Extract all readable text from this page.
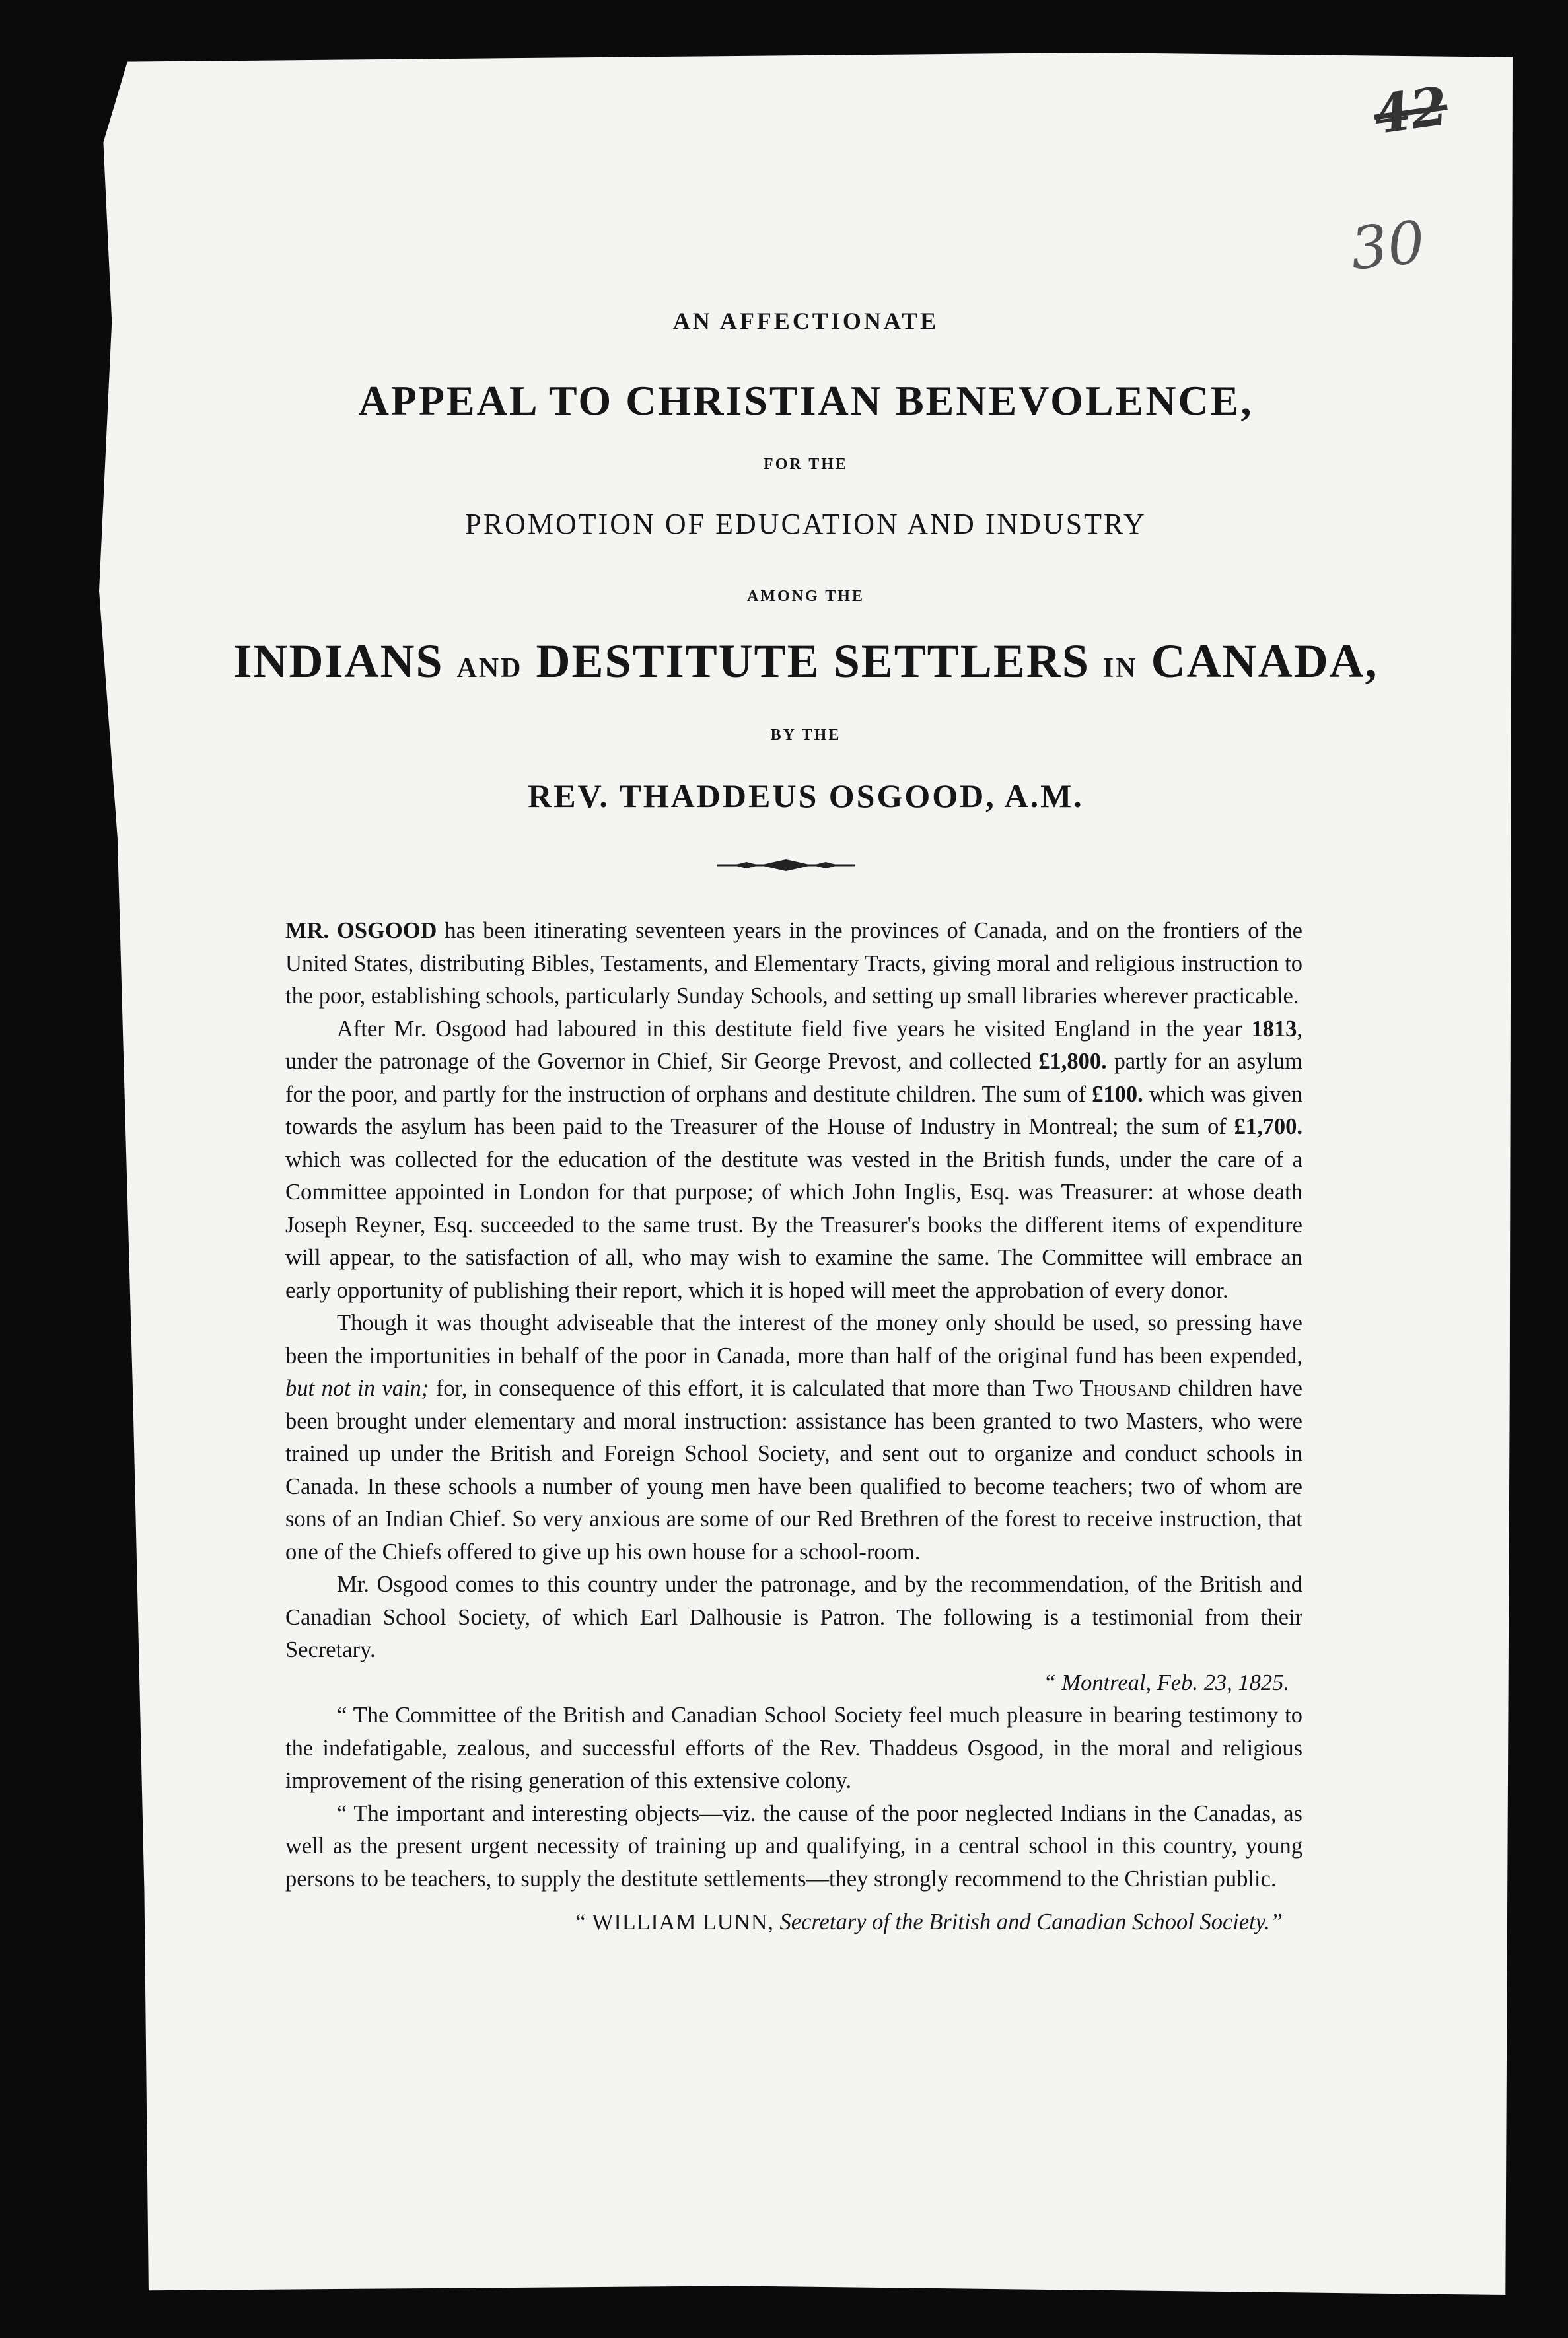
42
30
AN AFFECTIONATE
APPEAL TO CHRISTIAN BENEVOLENCE,
FOR THE
PROMOTION OF EDUCATION AND INDUSTRY
AMONG THE
INDIANS AND DESTITUTE SETTLERS IN CANADA,
BY THE
REV. THADDEUS OSGOOD, A.M.

MR. OSGOOD has been itinerating seventeen years in the provinces of Canada, and on the frontiers of the United States, distributing Bibles, Testaments, and Elementary Tracts, giving moral and religious instruction to the poor, establishing schools, particularly Sunday Schools, and setting up small libraries wherever practicable.

After Mr. Osgood had laboured in this destitute field five years he visited England in the year 1813, under the patronage of the Governor in Chief, Sir George Prevost, and collected £1,800. partly for an asylum for the poor, and partly for the instruction of orphans and destitute children. The sum of £100. which was given towards the asylum has been paid to the Treasurer of the House of Industry in Montreal; the sum of £1,700. which was collected for the education of the destitute was vested in the British funds, under the care of a Committee appointed in London for that purpose; of which John Inglis, Esq. was Treasurer: at whose death Joseph Reyner, Esq. succeeded to the same trust. By the Treasurer's books the different items of expenditure will appear, to the satisfaction of all, who may wish to examine the same. The Committee will embrace an early opportunity of publishing their report, which it is hoped will meet the approbation of every donor.

Though it was thought adviseable that the interest of the money only should be used, so pressing have been the importunities in behalf of the poor in Canada, more than half of the original fund has been expended, but not in vain; for, in consequence of this effort, it is calculated that more than Two Thousand children have been brought under elementary and moral instruction: assistance has been granted to two Masters, who were trained up under the British and Foreign School Society, and sent out to organize and conduct schools in Canada. In these schools a number of young men have been qualified to become teachers; two of whom are sons of an Indian Chief. So very anxious are some of our Red Brethren of the forest to receive instruction, that one of the Chiefs offered to give up his own house for a school-room.

Mr. Osgood comes to this country under the patronage, and by the recommendation, of the British and Canadian School Society, of which Earl Dalhousie is Patron. The following is a testimonial from their Secretary.

“ Montreal, Feb. 23, 1825.

“ The Committee of the British and Canadian School Society feel much pleasure in bearing testimony to the indefatigable, zealous, and successful efforts of the Rev. Thaddeus Osgood, in the moral and religious improvement of the rising generation of this extensive colony.

“ The important and interesting objects—viz. the cause of the poor neglected Indians in the Canadas, as well as the present urgent necessity of training up and qualifying, in a central school in this country, young persons to be teachers, to supply the destitute settlements—they strongly recommend to the Christian public.

“ WILLIAM LUNN, Secretary of the British and Canadian School Society.”
